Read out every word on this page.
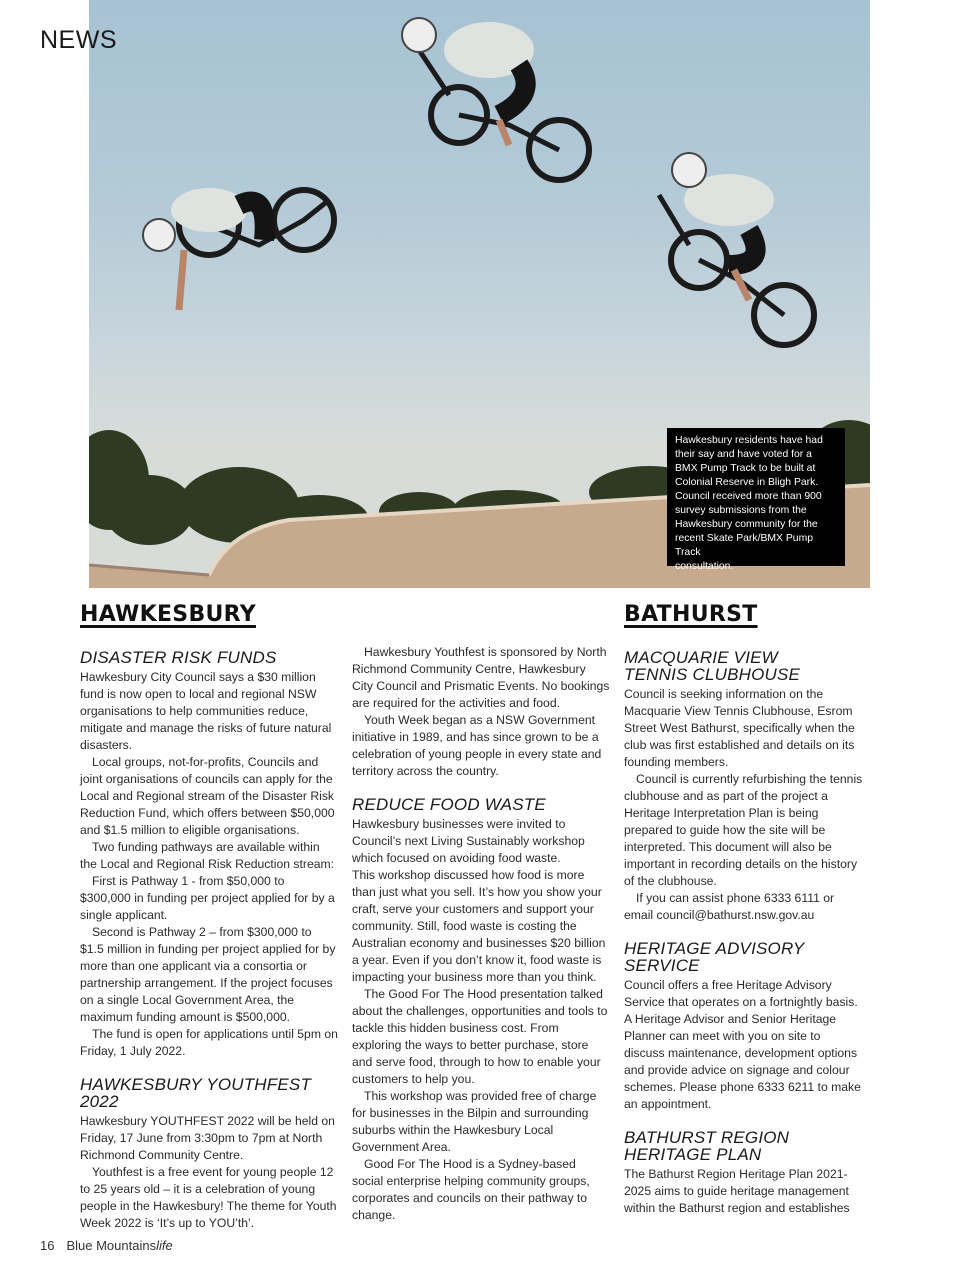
NEWS
Hawkesbury residents have had
their say and have voted for a
BMX Pump Track to be built at
Colonial Reserve in Bligh Park.
Council received more than 900
survey submissions from the
Hawkesbury community for the
recent Skate Park/BMX Pump Track
consultation.
HAWKESBURY
DISASTER RISK FUNDS

Hawkesbury City Council says a $30 million fund is now open to local and regional NSW organisations to help communities reduce, mitigate and manage the risks of future natural disasters.

Local groups, not-for-profits, Councils and joint organisations of councils can apply for the Local and Regional stream of the Disaster Risk Reduction Fund, which offers between $50,000 and $1.5 million to eligible organisations.

Two funding pathways are available within the Local and Regional Risk Reduction stream:

First is Pathway 1 - from $50,000 to $300,000 in funding per project applied for by a single applicant.

Second is Pathway 2 – from $300,000 to $1.5 million in funding per project applied for by more than one applicant via a consortia or partnership arrangement. If the project focuses on a single Local Government Area, the maximum funding amount is $500,000.

The fund is open for applications until 5pm on Friday, 1 July 2022.

HAWKESBURY YOUTHFEST 2022

Hawkesbury YOUTHFEST 2022 will be held on Friday, 17 June from 3:30pm to 7pm at North Richmond Community Centre.

Youthfest is a free event for young people 12 to 25 years old – it is a celebration of young people in the Hawkesbury! The theme for Youth Week 2022 is ‘It’s up to YOU’th’.

Hawkesbury Youthfest is sponsored by North Richmond Community Centre, Hawkesbury City Council and Prismatic Events. No bookings are required for the activities and food.

Youth Week began as a NSW Government initiative in 1989, and has since grown to be a celebration of young people in every state and territory across the country.

REDUCE FOOD WASTE

Hawkesbury businesses were invited to Council’s next Living Sustainably workshop which focused on avoiding food waste.

This workshop discussed how food is more than just what you sell. It’s how you show your craft, serve your customers and support your community. Still, food waste is costing the Australian economy and businesses $20 billion a year. Even if you don’t know it, food waste is impacting your business more than you think.

The Good For The Hood presentation talked about the challenges, opportunities and tools to tackle this hidden business cost. From exploring the ways to better purchase, store and serve food, through to how to enable your customers to help you.

This workshop was provided free of charge for businesses in the Bilpin and surrounding suburbs within the Hawkesbury Local Government Area.

Good For The Hood is a Sydney-based social enterprise helping community groups, corporates and councils on their pathway to change.

BATHURST
MACQUARIE VIEW
TENNIS CLUBHOUSE

Council is seeking information on the Macquarie View Tennis Clubhouse, Esrom Street West Bathurst, specifically when the club was first established and details on its founding members.

Council is currently refurbishing the tennis clubhouse and as part of the project a Heritage Interpretation Plan is being prepared to guide how the site will be interpreted. This document will also be important in recording details on the history of the clubhouse.

If you can assist phone 6333 6111 or email council@bathurst.nsw.gov.au

HERITAGE ADVISORY
SERVICE

Council offers a free Heritage Advisory Service that operates on a fortnightly basis. A Heritage Advisor and Senior Heritage Planner can meet with you on site to discuss maintenance, development options and provide advice on signage and colour schemes. Please phone 6333 6211 to make an appointment.

BATHURST REGION
HERITAGE PLAN

The Bathurst Region Heritage Plan 2021-2025 aims to guide heritage management within the Bathurst region and establishes

16 Blue Mountainslife
